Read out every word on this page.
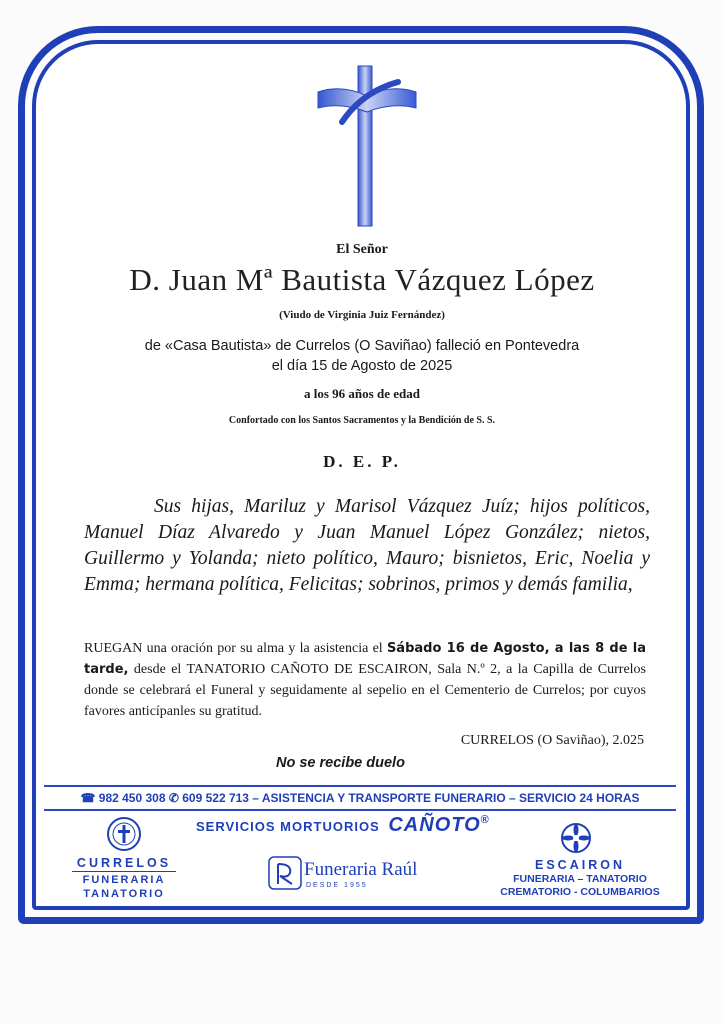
El Señor
D. Juan Mª Bautista Vázquez López
(Viudo de Virginia Juiz Fernández)
de «Casa Bautista» de Currelos (O Saviñao) falleció en Pontevedra
el día 15 de Agosto de 2025
a los 96 años de edad
Confortado con los Santos Sacramentos y la Bendición de S. S.
D. E. P.
Sus hijas, Mariluz y Marisol Vázquez Juíz; hijos políticos, Manuel Díaz Alvaredo y Juan Manuel López González; nietos, Guillermo y Yolanda; nieto político, Mauro; bisnietos, Eric, Noelia y Emma; hermana política, Felicitas; sobrinos, primos y demás familia,
RUEGAN una oración por su alma y la asistencia el Sábado 16 de Agosto, a las 8 de la tarde, desde el TANATORIO CAÑOTO DE ESCAIRON, Sala N.º 2, a la Capilla de Currelos donde se celebrará el Funeral y seguidamente al sepelio en el Cementerio de Currelos; por cuyos favores anticípanles su gratitud.
CURRELOS (O Saviñao), 2.025
No se recibe duelo
☎ 982 450 308 ✆ 609 522 713 – ASISTENCIA Y TRANSPORTE FUNERARIO – SERVICIO 24 HORAS
SERVICIOS MORTUORIOS CAÑOTO®
CURRELOS
FUNERARIA
TANATORIO
Funeraria Raúl
DESDE 1955
ESCAIRON
FUNERARIA – TANATORIO
CREMATORIO - COLUMBARIOS
